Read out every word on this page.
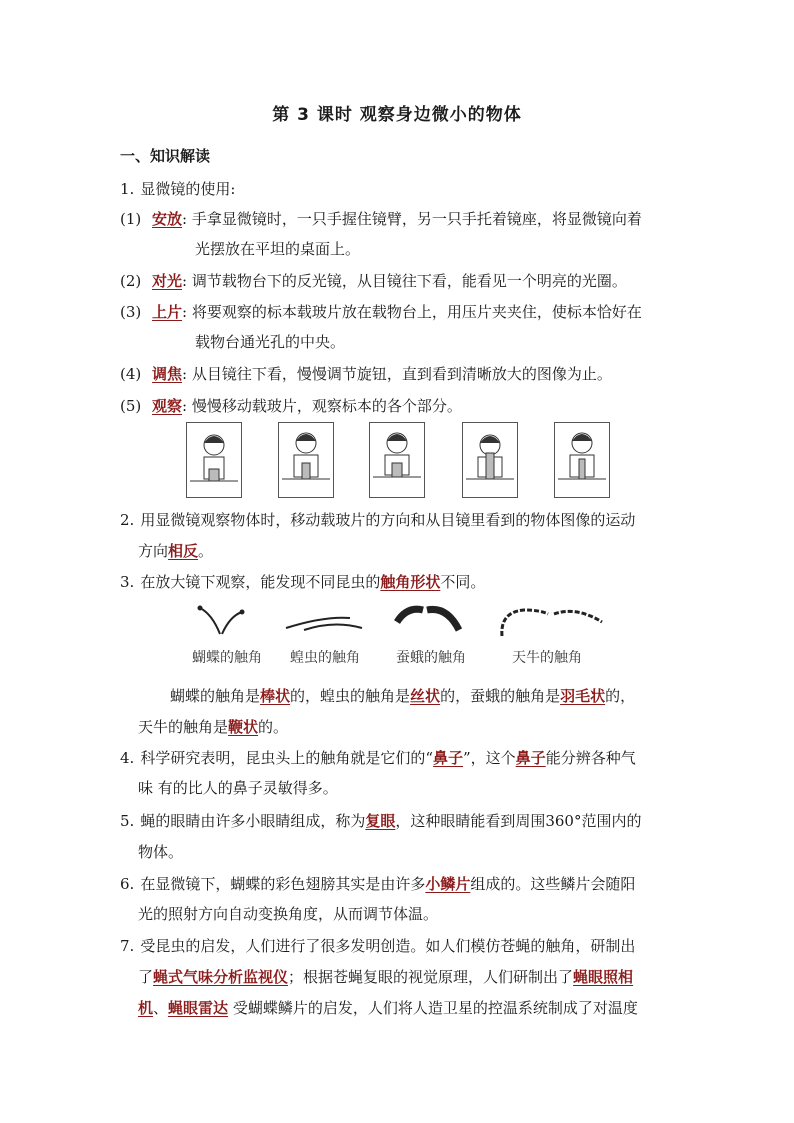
第 3 课时 观察身边微小的物体
一、知识解读
1. 显微镜的使用:
(1) 安放: 手拿显微镜时，一只手握住镜臂，另一只手托着镜座，将显微镜向着
光摆放在平坦的桌面上。
(2) 对光: 调节载物台下的反光镜，从目镜往下看，能看见一个明亮的光圈。
(3) 上片: 将要观察的标本载玻片放在载物台上，用压片夹夹住，使标本恰好在
载物台通光孔的中央。
(4) 调焦: 从目镜往下看，慢慢调节旋钮，直到看到清晰放大的图像为止。
(5) 观察: 慢慢移动载玻片，观察标本的各个部分。
2. 用显微镜观察物体时，移动载玻片的方向和从目镜里看到的物体图像的运动
方向相反。
3. 在放大镜下观察，能发现不同昆虫的触角形状不同。
蝴蝶的触角 蝗虫的触角	蚕蛾的触角	天牛的触角
蝴蝶的触角是棒状的，蝗虫的触角是丝状的，蚕蛾的触角是羽毛状的，
天牛的触角是鞭状的。
4. 科学研究表明，昆虫头上的触角就是它们的“鼻子”，这个鼻子能分辨各种气
味 有的比人的鼻子灵敏得多。
5. 蝇的眼睛由许多小眼睛组成，称为复眼，这种眼睛能看到周围360°范围内的
物体。
6. 在显微镜下，蝴蝶的彩色翅膀其实是由许多小鳞片组成的。这些鳞片会随阳
光的照射方向自动变换角度，从而调节体温。
7. 受昆虫的启发，人们进行了很多发明创造。如人们模仿苍蝇的触角，研制出
了蝇式气味分析监视仪；根据苍蝇复眼的视觉原理，人们研制出了蝇眼照相
机、蝇眼雷达 受蝴蝶鳞片的启发，人们将人造卫星的控温系统制成了对温度
